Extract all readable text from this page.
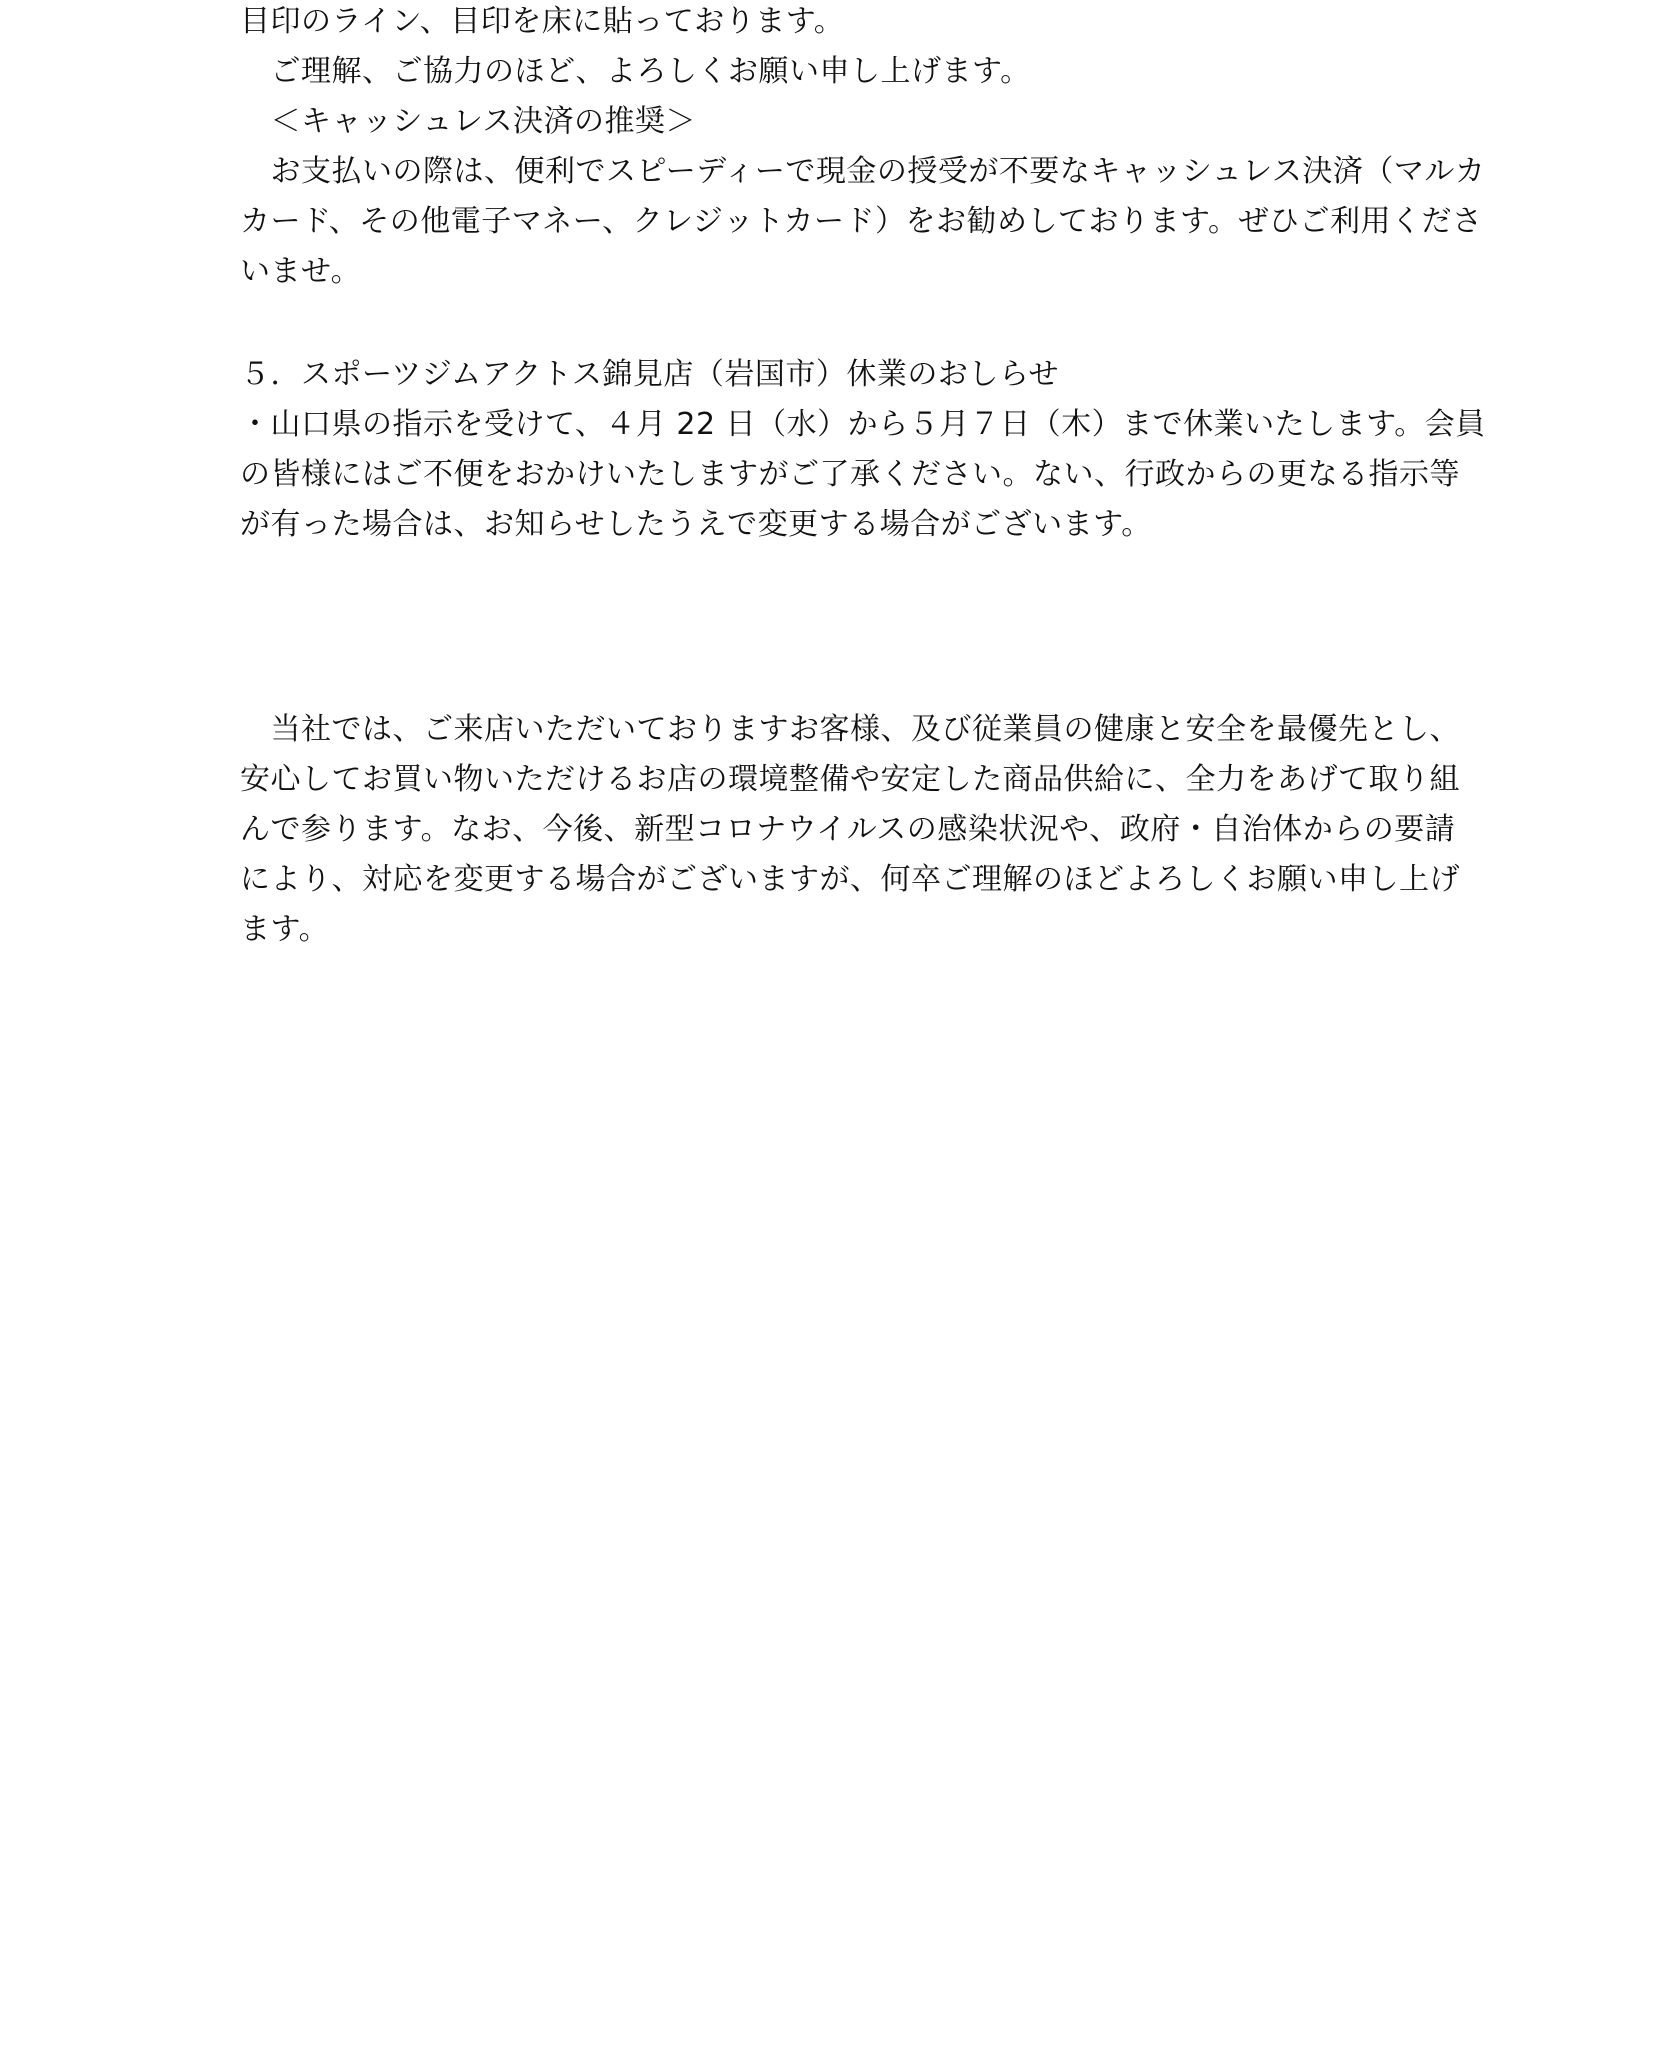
目印のライン、目印を床に貼っております。
　ご理解、ご協力のほど、よろしくお願い申し上げます。
　＜キャッシュレス決済の推奨＞
　お支払いの際は、便利でスピーディーで現金の授受が不要なキャッシュレス決済（マルカ
カード、その他電子マネー、クレジットカード）をお勧めしております。ぜひご利用くださ
いませ。
５．スポーツジムアクトス錦見店（岩国市）休業のおしらせ
・山口県の指示を受けて、４月 22 日（水）から５月７日（木）まで休業いたします。会員
の皆様にはご不便をおかけいたしますがご了承ください。ない、行政からの更なる指示等
が有った場合は、お知らせしたうえで変更する場合がございます。
　当社では、ご来店いただいておりますお客様、及び従業員の健康と安全を最優先とし、
安心してお買い物いただけるお店の環境整備や安定した商品供給に、全力をあげて取り組
んで参ります。なお、今後、新型コロナウイルスの感染状況や、政府・自治体からの要請
により、対応を変更する場合がございますが、何卒ご理解のほどよろしくお願い申し上げ
ます。
